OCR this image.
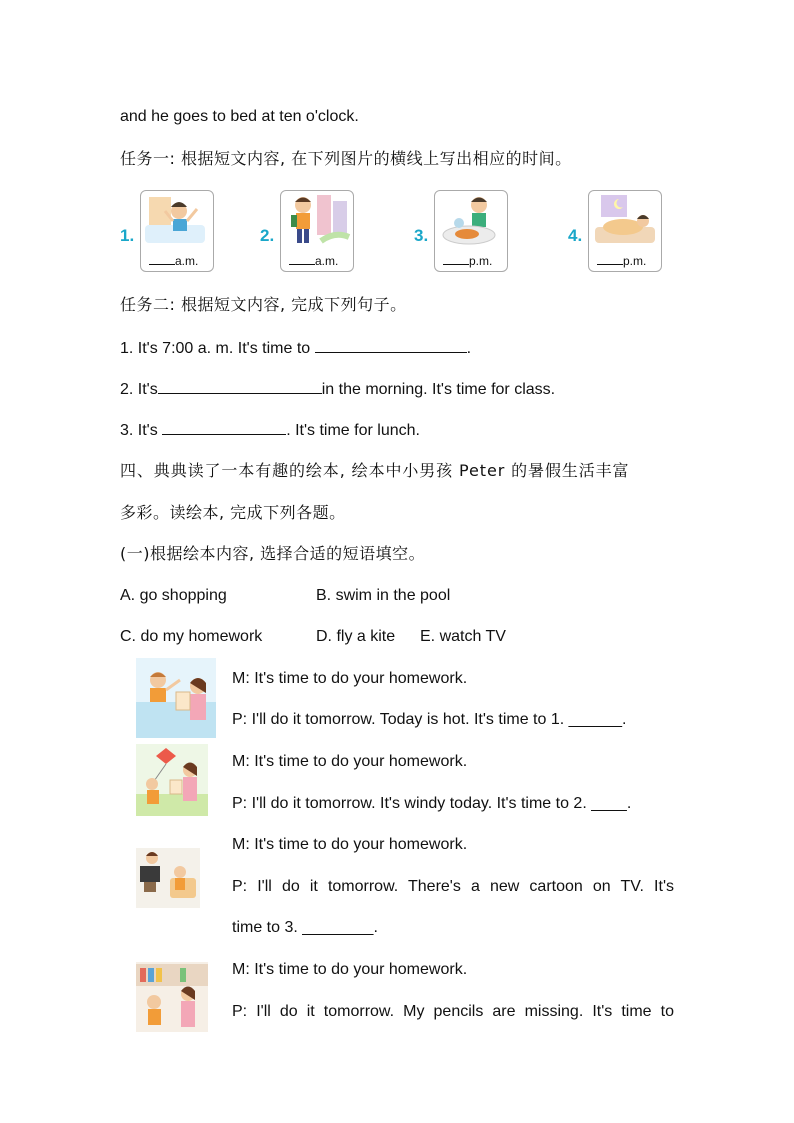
and he goes to bed at ten o'clock.
任务一: 根据短文内容, 在下列图片的横线上写出相应的时间。
1.
a.m.
2.
a.m.
3.
p.m.
4.
p.m.
任务二: 根据短文内容, 完成下列句子。
1. It's 7:00 a. m. It's time to	.
2. It's	in the morning. It's time for class.
3. It's	. It's time for lunch.
四、典典读了一本有趣的绘本, 绘本中小男孩 Peter 的暑假生活丰富
多彩。读绘本, 完成下列各题。
(一)根据绘本内容, 选择合适的短语填空。
A. go shopping	B. swim in the pool
C. do my homework	D. fly a kite E. watch TV
M: It's time to do your homework.
P: I'll do it tomorrow. Today is hot. It's time to 1. ______.
M: It's time to do your homework.
P: I'll do it tomorrow. It's windy today. It's time to 2. ____.
M: It's time to do your homework.
P: I'll do it tomorrow. There's a new cartoon on TV. It's
time to 3. ________.
M: It's time to do your homework.
P: I'll do it tomorrow. My pencils are missing. It's time to
